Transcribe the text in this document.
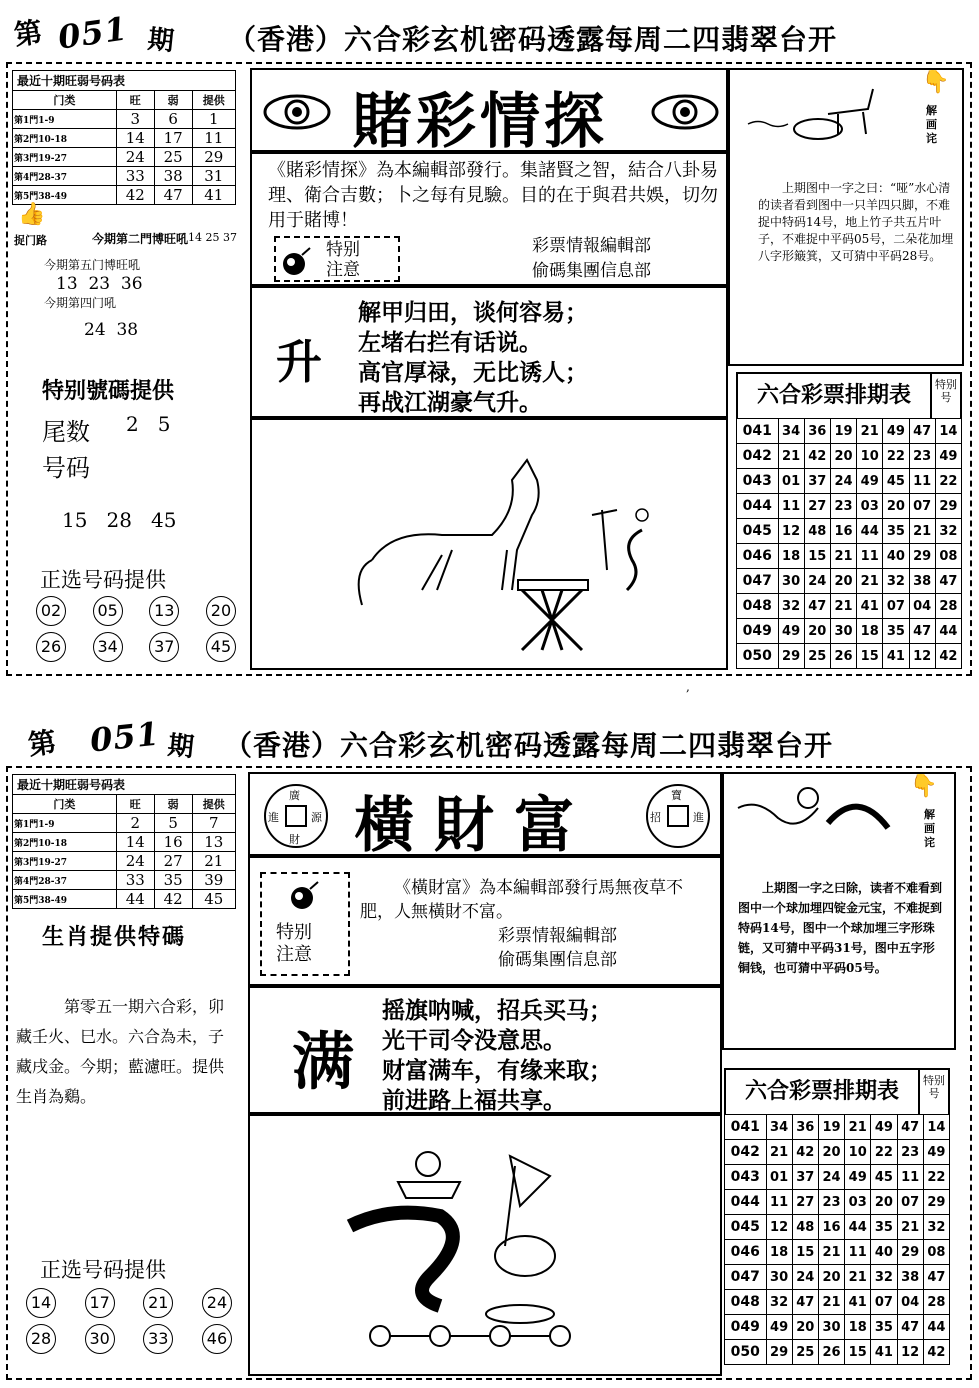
第 051 期 （香港）六合彩玄机密码透露每周二四翡翠台开
最近十期旺弱号码表
门类	旺	弱	提供
第1門1-9	3	6	1
第2門10-18	14	17	11
第3門19-27	24	25	29
第4門28-37	33	38	31
第5門38-49	42	47	41
👍
捉门路	今期第二門博旺吼 14 25 37
今期第五门博旺吼
13  23  36
今期第四门吼
24  38
特别號碼提供
尾数 2   5
号码
15   28   45
正选号码提供
02	05	13	20
26	34	37	45
賭彩情探
《賭彩情探》為本編輯部發行。集諸賢之智，結合八卦易理、衛合吉數；卜之每有見驗。目的在于與君共娛，切勿用于賭博！
特别
注意
彩票情報編輯部
偷碼集團信息部
升
解甲归田，谈何容易；
左堵右拦有话说。
高官厚禄，无比诱人；
再战江湖豪气升。
👇
解
画
诧
上期图中一字之曰：“哑”水心清的读者看到图中一只羊四只脚，不难捉中特码14号，地上竹子共五片叶子，不难捉中平码05号，二朵花加埋八字形簸箕，又可猜中平码28号。
六合彩票排期表	特别号
041	34	36	19	21	49	47	14
042	21	42	20	10	22	23	49
043	01	37	24	49	45	11	22
044	11	27	23	03	20	07	29
045	12	48	16	44	35	21	32
046	18	15	21	11	40	29	08
047	30	24	20	21	32	38	47
048	32	47	21	41	07	04	28
049	49	20	30	18	35	47	44
050	29	25	26	15	41	12	42
,
第 051 期 （香港）六合彩玄机密码透露每周二四翡翠台开
最近十期旺弱号码表
门类	旺	弱	提供
第1門1-9	2	5	7
第2門10-18	14	16	13
第3門19-27	24	27	21
第4門28-37	33	35	39
第5門38-49	44	42	45
生肖提供特碼
第零五一期六合彩，卯藏壬火、巳水。六合為未，子藏戌金。今期；藍濾旺。提供生肖為鷄。
正选号码提供
14	17	21	24
28	30	33	46
廣
進	源
財 橫財富	寶
招	進
特别
注意
《橫財富》為本編輯部發行馬無夜草不肥，人無橫財不富。
彩票情報編輯部
偷碼集團信息部
满
摇旗呐喊，招兵买马；
光干司令没意思。
财富满车，有缘来取；
前进路上福共享。
👇
解
画
诧
上期图一字之曰除，读者不难看到图中一个球加埋四锭金元宝，不难捉到特码14号，图中一个球加埋三字形珠链，又可猜中平码31号，图中五字形铜钱，也可猜中平码05号。
六合彩票排期表	特别号
041	34	36	19	21	49	47	14
042	21	42	20	10	22	23	49
043	01	37	24	49	45	11	22
044	11	27	23	03	20	07	29
045	12	48	16	44	35	21	32
046	18	15	21	11	40	29	08
047	30	24	20	21	32	38	47
048	32	47	21	41	07	04	28
049	49	20	30	18	35	47	44
050	29	25	26	15	41	12	42
